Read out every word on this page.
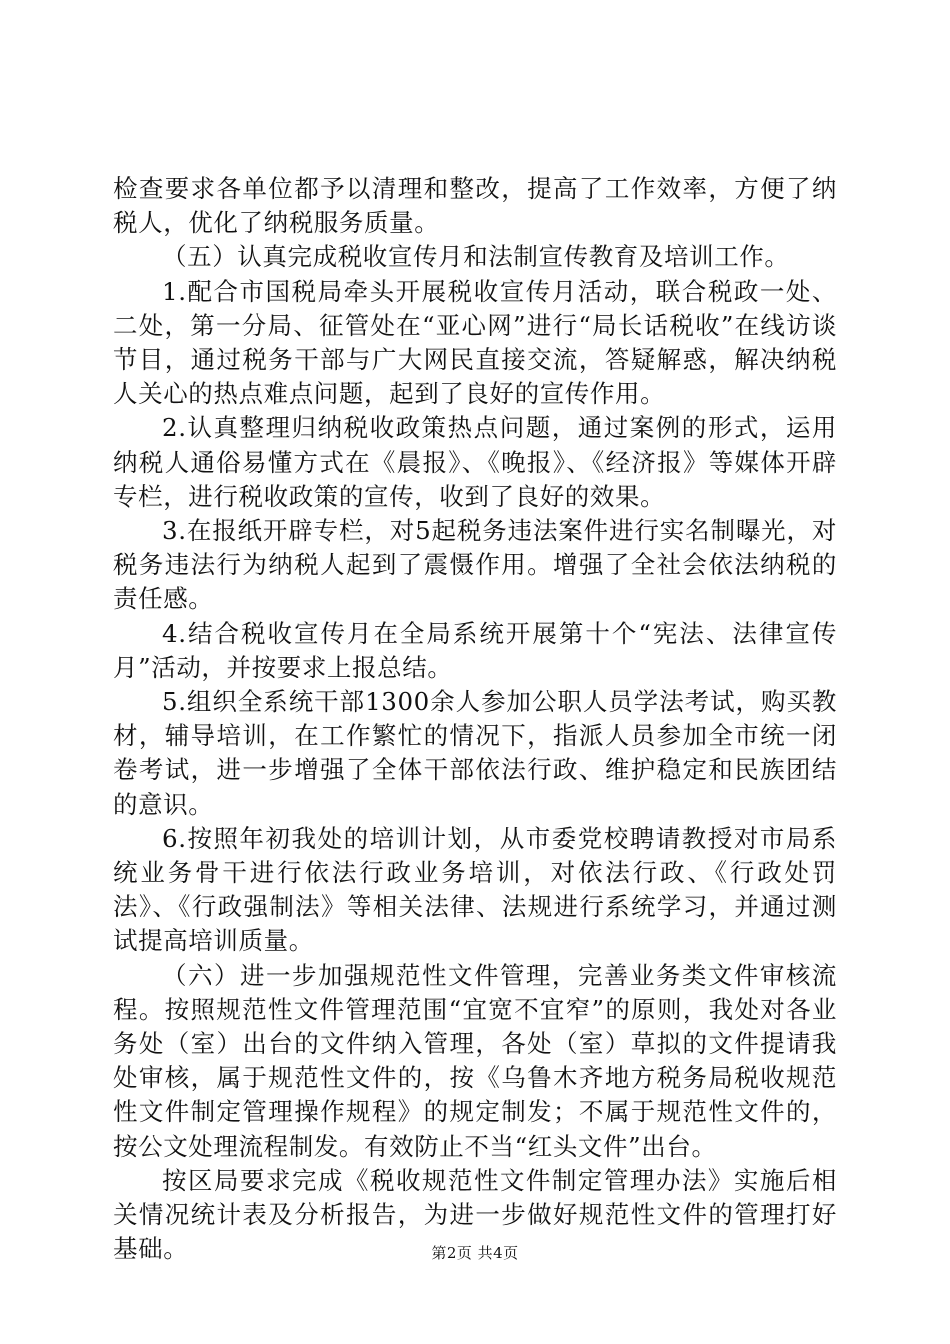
检查要求各单位都予以清理和整改，提高了工作效率，方便了纳税人，优化了纳税服务质量。

（五）认真完成税收宣传月和法制宣传教育及培训工作。

1.配合市国税局牵头开展税收宣传月活动，联合税政一处、二处，第一分局、征管处在“亚心网”进行“局长话税收”在线访谈节目，通过税务干部与广大网民直接交流，答疑解惑，解决纳税人关心的热点难点问题，起到了良好的宣传作用。

2.认真整理归纳税收政策热点问题，通过案例的形式，运用纳税人通俗易懂方式在《晨报》、《晚报》、《经济报》等媒体开辟专栏，进行税收政策的宣传，收到了良好的效果。

3.在报纸开辟专栏，对5起税务违法案件进行实名制曝光，对税务违法行为纳税人起到了震慑作用。增强了全社会依法纳税的责任感。

4.结合税收宣传月在全局系统开展第十个“宪法、法律宣传月”活动，并按要求上报总结。

5.组织全系统干部1300余人参加公职人员学法考试，购买教材，辅导培训，在工作繁忙的情况下，指派人员参加全市统一闭卷考试，进一步增强了全体干部依法行政、维护稳定和民族团结的意识。

6.按照年初我处的培训计划，从市委党校聘请教授对市局系统业务骨干进行依法行政业务培训，对依法行政、《行政处罚法》、《行政强制法》等相关法律、法规进行系统学习，并通过测试提高培训质量。

（六）进一步加强规范性文件管理，完善业务类文件审核流程。按照规范性文件管理范围“宜宽不宜窄”的原则，我处对各业务处（室）出台的文件纳入管理，各处（室）草拟的文件提请我处审核，属于规范性文件的，按《乌鲁木齐地方税务局税收规范性文件制定管理操作规程》的规定制发；不属于规范性文件的，按公文处理流程制发。有效防止不当“红头文件”出台。

按区局要求完成《税收规范性文件制定管理办法》实施后相关情况统计表及分析报告，为进一步做好规范性文件的管理打好基础。	第2页 共4页
